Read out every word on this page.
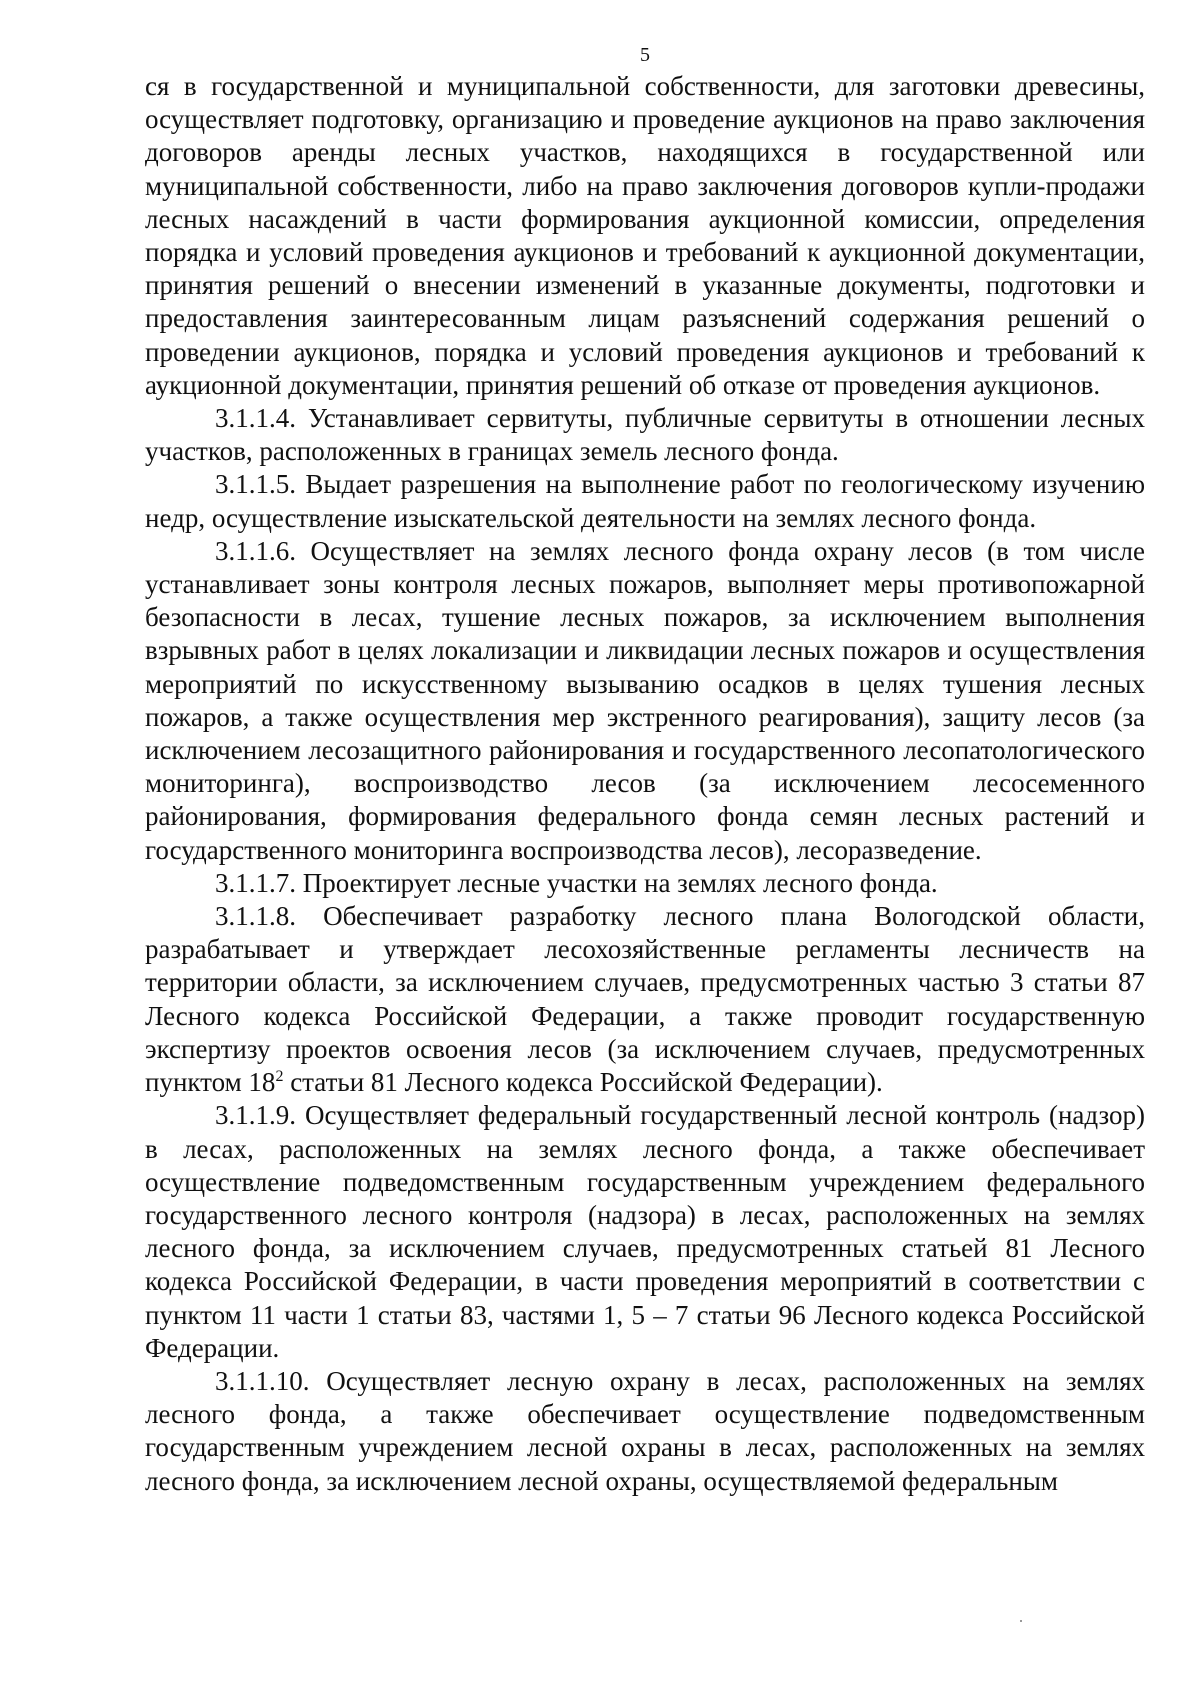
5

ся в государственной и муниципальной собственности, для заготовки древесины, осуществляет подготовку, организацию и проведение аукционов на право заключения договоров аренды лесных участков, находящихся в государственной или муниципальной собственности, либо на право заключения договоров купли-продажи лесных насаждений в части формирования аукционной комиссии, определения порядка и условий проведения аукционов и требований к аукционной документации, принятия решений о внесении изменений в указанные документы, подготовки и предоставления заинтересованным лицам разъяснений содержания решений о проведении аукционов, порядка и условий проведения аукционов и требований к аукционной документации, принятия решений об отказе от проведения аукционов.

3.1.1.4. Устанавливает сервитуты, публичные сервитуты в отношении лесных участков, расположенных в границах земель лесного фонда.

3.1.1.5. Выдает разрешения на выполнение работ по геологическому изучению недр, осуществление изыскательской деятельности на землях лесного фонда.

3.1.1.6. Осуществляет на землях лесного фонда охрану лесов (в том числе устанавливает зоны контроля лесных пожаров, выполняет меры противопожарной безопасности в лесах, тушение лесных пожаров, за исключением выполнения взрывных работ в целях локализации и ликвидации лесных пожаров и осуществления мероприятий по искусственному вызыванию осадков в целях тушения лесных пожаров, а также осуществления мер экстренного реагирования), защиту лесов (за исключением лесозащитного районирования и государственного лесопатологического мониторинга), воспроизводство лесов (за исключением лесосеменного районирования, формирования федерального фонда семян лесных растений и государственного мониторинга воспроизводства лесов), лесоразведение.

3.1.1.7. Проектирует лесные участки на землях лесного фонда.

3.1.1.8. Обеспечивает разработку лесного плана Вологодской области, разрабатывает и утверждает лесохозяйственные регламенты лесничеств на территории области, за исключением случаев, предусмотренных частью 3 статьи 87 Лесного кодекса Российской Федерации, а также проводит государственную экспертизу проектов освоения лесов (за исключением случаев, предусмотренных пунктом $18^2$ статьи 81 Лесного кодекса Российской Федерации).

3.1.1.9. Осуществляет федеральный государственный лесной контроль (надзор) в лесах, расположенных на землях лесного фонда, а также обеспечивает осуществление подведомственным государственным учреждением федерального государственного лесного контроля (надзора) в лесах, расположенных на землях лесного фонда, за исключением случаев, предусмотренных статьей 81 Лесного кодекса Российской Федерации, в части проведения мероприятий в соответствии с пунктом 11 части 1 статьи 83, частями 1, 5 – 7 статьи 96 Лесного кодекса Российской Федерации.

3.1.1.10. Осуществляет лесную охрану в лесах, расположенных на землях лесного фонда, а также обеспечивает осуществление подведомственным государственным учреждением лесной охраны в лесах, расположенных на землях лесного фонда, за исключением лесной охраны, осуществляемой федеральным
